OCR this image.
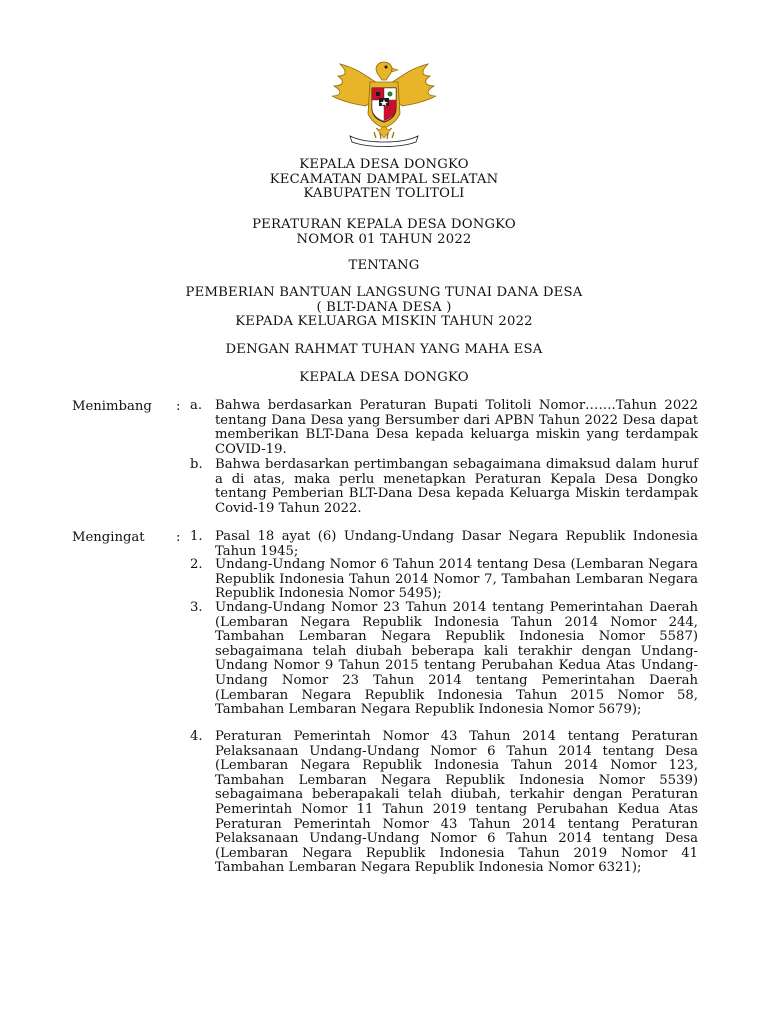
KEPALA DESA DONGKO
KECAMATAN DAMPAL SELATAN
KABUPATEN TOLITOLI
PERATURAN KEPALA DESA DONGKO
NOMOR 01 TAHUN 2022
TENTANG
PEMBERIAN BANTUAN LANGSUNG TUNAI DANA DESA
( BLT-DANA DESA )
KEPADA KELUARGA MISKIN TAHUN 2022
DENGAN RAHMAT TUHAN YANG MAHA ESA
KEPALA DESA DONGKO
Menimbang : a. Bahwa berdasarkan Peraturan Bupati Tolitoli Nomor…….Tahun 2022 tentang Dana Desa yang Bersumber dari APBN Tahun 2022 Desa dapat memberikan BLT-Dana Desa kepada keluarga miskin yang terdampak COVID-19.
b. Bahwa berdasarkan pertimbangan sebagaimana dimaksud dalam huruf a di atas, maka perlu menetapkan Peraturan Kepala Desa Dongko tentang Pemberian BLT-Dana Desa kepada Keluarga Miskin terdampak Covid-19 Tahun 2022.
Mengingat : 1. Pasal 18 ayat (6) Undang-Undang Dasar Negara Republik Indonesia Tahun 1945;
2. Undang-Undang Nomor 6 Tahun 2014 tentang Desa (Lembaran Negara Republik Indonesia Tahun 2014 Nomor 7, Tambahan Lembaran Negara Republik Indonesia Nomor 5495);
3. Undang-Undang Nomor 23 Tahun 2014 tentang Pemerintahan Daerah (Lembaran Negara Republik Indonesia Tahun 2014 Nomor 244, Tambahan Lembaran Negara Republik Indonesia Nomor 5587) sebagaimana telah diubah beberapa kali terakhir dengan Undang-Undang Nomor 9 Tahun 2015 tentang Perubahan Kedua Atas Undang-Undang Nomor 23 Tahun 2014 tentang Pemerintahan Daerah (Lembaran Negara Republik Indonesia Tahun 2015 Nomor 58, Tambahan Lembaran Negara Republik Indonesia Nomor 5679);
4. Peraturan Pemerintah Nomor 43 Tahun 2014 tentang Peraturan Pelaksanaan Undang-Undang Nomor 6 Tahun 2014 tentang Desa (Lembaran Negara Republik Indonesia Tahun 2014 Nomor 123, Tambahan Lembaran Negara Republik Indonesia Nomor 5539) sebagaimana beberapakali telah diubah, terkahir dengan Peraturan Pemerintah Nomor 11 Tahun 2019 tentang Perubahan Kedua Atas Peraturan Pemerintah Nomor 43 Tahun 2014 tentang Peraturan Pelaksanaan Undang-Undang Nomor 6 Tahun 2014 tentang Desa (Lembaran Negara Republik Indonesia Tahun 2019 Nomor 41 Tambahan Lembaran Negara Republik Indonesia Nomor 6321);
